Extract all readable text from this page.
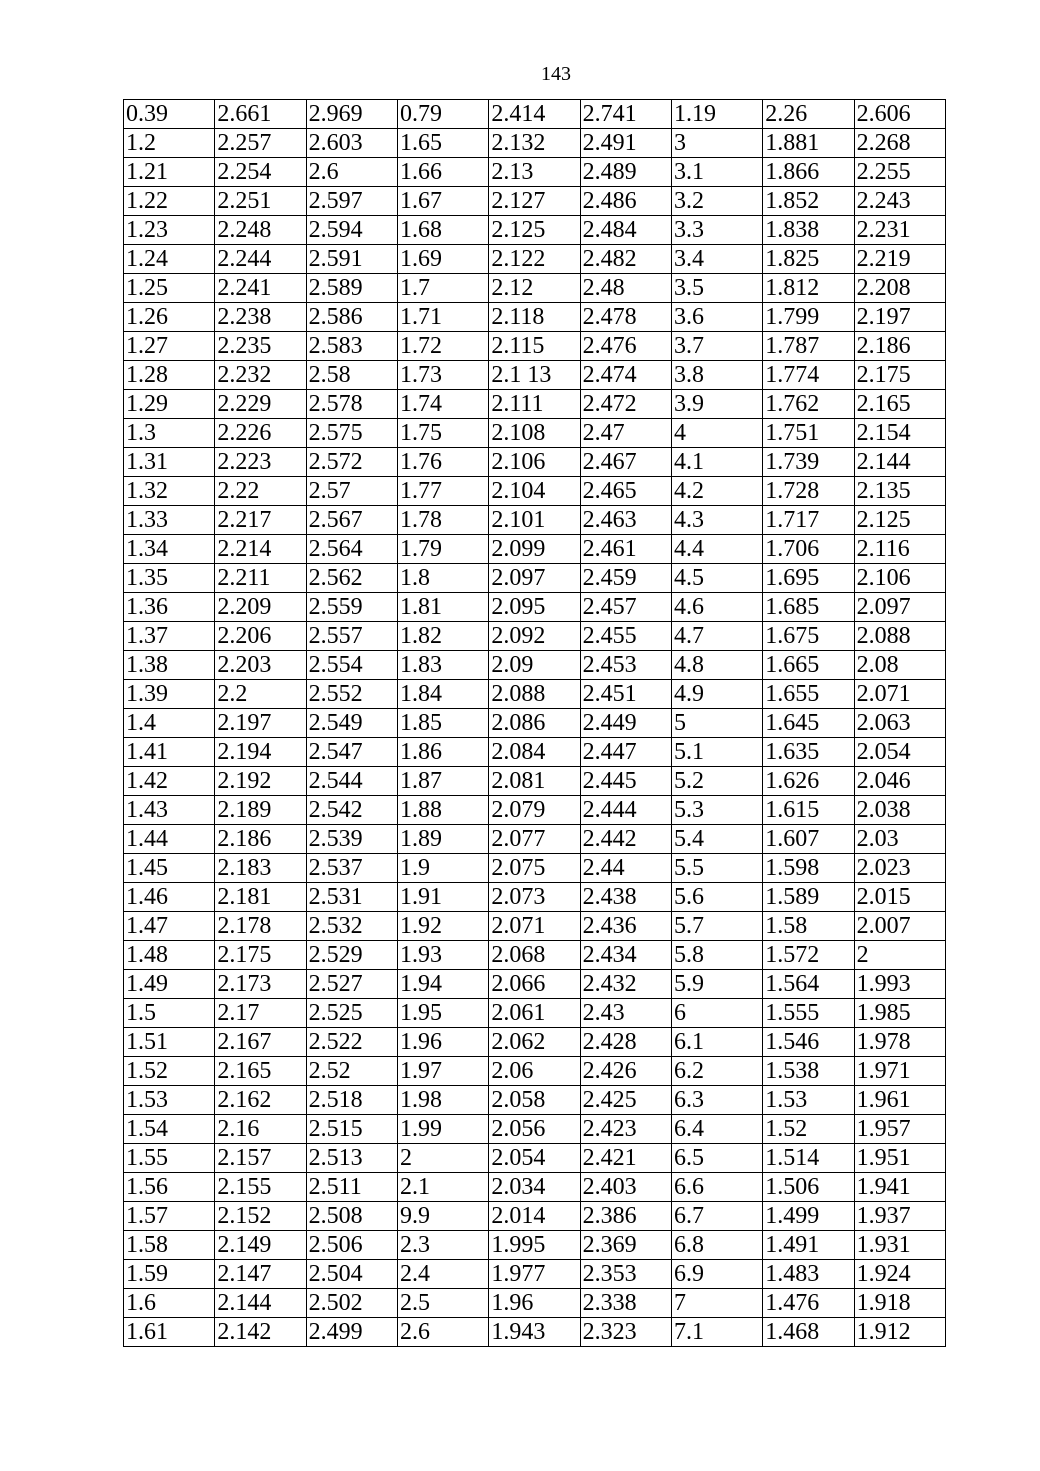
143
0.39	2.661	2.969	0.79	2.414	2.741	1.19	2.26	2.606
1.2	2.257	2.603	1.65	2.132	2.491	3	1.881	2.268
1.21	2.254	2.6	1.66	2.13	2.489	3.1	1.866	2.255
1.22	2.251	2.597	1.67	2.127	2.486	3.2	1.852	2.243
1.23	2.248	2.594	1.68	2.125	2.484	3.3	1.838	2.231
1.24	2.244	2.591	1.69	2.122	2.482	3.4	1.825	2.219
1.25	2.241	2.589	1.7	2.12	2.48	3.5	1.812	2.208
1.26	2.238	2.586	1.71	2.118	2.478	3.6	1.799	2.197
1.27	2.235	2.583	1.72	2.115	2.476	3.7	1.787	2.186
1.28	2.232	2.58	1.73	2.1 13	2.474	3.8	1.774	2.175
1.29	2.229	2.578	1.74	2.111	2.472	3.9	1.762	2.165
1.3	2.226	2.575	1.75	2.108	2.47	4	1.751	2.154
1.31	2.223	2.572	1.76	2.106	2.467	4.1	1.739	2.144
1.32	2.22	2.57	1.77	2.104	2.465	4.2	1.728	2.135
1.33	2.217	2.567	1.78	2.101	2.463	4.3	1.717	2.125
1.34	2.214	2.564	1.79	2.099	2.461	4.4	1.706	2.116
1.35	2.211	2.562	1.8	2.097	2.459	4.5	1.695	2.106
1.36	2.209	2.559	1.81	2.095	2.457	4.6	1.685	2.097
1.37	2.206	2.557	1.82	2.092	2.455	4.7	1.675	2.088
1.38	2.203	2.554	1.83	2.09	2.453	4.8	1.665	2.08
1.39	2.2	2.552	1.84	2.088	2.451	4.9	1.655	2.071
1.4	2.197	2.549	1.85	2.086	2.449	5	1.645	2.063
1.41	2.194	2.547	1.86	2.084	2.447	5.1	1.635	2.054
1.42	2.192	2.544	1.87	2.081	2.445	5.2	1.626	2.046
1.43	2.189	2.542	1.88	2.079	2.444	5.3	1.615	2.038
1.44	2.186	2.539	1.89	2.077	2.442	5.4	1.607	2.03
1.45	2.183	2.537	1.9	2.075	2.44	5.5	1.598	2.023
1.46	2.181	2.531	1.91	2.073	2.438	5.6	1.589	2.015
1.47	2.178	2.532	1.92	2.071	2.436	5.7	1.58	2.007
1.48	2.175	2.529	1.93	2.068	2.434	5.8	1.572	2
1.49	2.173	2.527	1.94	2.066	2.432	5.9	1.564	1.993
1.5	2.17	2.525	1.95	2.061	2.43	6	1.555	1.985
1.51	2.167	2.522	1.96	2.062	2.428	6.1	1.546	1.978
1.52	2.165	2.52	1.97	2.06	2.426	6.2	1.538	1.971
1.53	2.162	2.518	1.98	2.058	2.425	6.3	1.53	1.961
1.54	2.16	2.515	1.99	2.056	2.423	6.4	1.52	1.957
1.55	2.157	2.513	2	2.054	2.421	6.5	1.514	1.951
1.56	2.155	2.511	2.1	2.034	2.403	6.6	1.506	1.941
1.57	2.152	2.508	9.9	2.014	2.386	6.7	1.499	1.937
1.58	2.149	2.506	2.3	1.995	2.369	6.8	1.491	1.931
1.59	2.147	2.504	2.4	1.977	2.353	6.9	1.483	1.924
1.6	2.144	2.502	2.5	1.96	2.338	7	1.476	1.918
1.61	2.142	2.499	2.6	1.943	2.323	7.1	1.468	1.912
